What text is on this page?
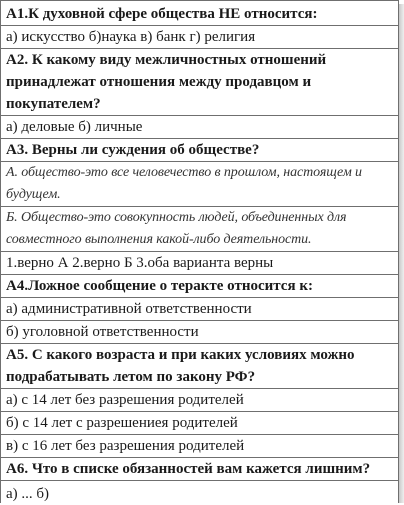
А1.К духовной сфере общества НЕ относится:
а) искусство б)наука в) банк г) религия
А2. К какому виду межличностных отношений принадлежат отношения между продавцом и покупателем?
а) деловые б) личные
А3. Верны ли суждения об обществе?
А. общество-это все человечество в прошлом, настоящем и будущем.
Б. Общество-это совокупность людей, объединенных для совместного выполнения какой-либо деятельности.
1.верно А 2.верно Б 3.оба варианта верны
А4.Ложное сообщение о теракте относится к:
а) административной ответственности
б) уголовной ответственности
А5. С какого возраста и при каких условиях можно подрабатывать летом по закону РФ?
а) с 14 лет без разрешения родителей
б) с 14 лет с разрешениея родителей
в) с 16 лет без разрешения родителей
А6. Что в списке обязанностей вам кажется лишним?
а) ... б)
